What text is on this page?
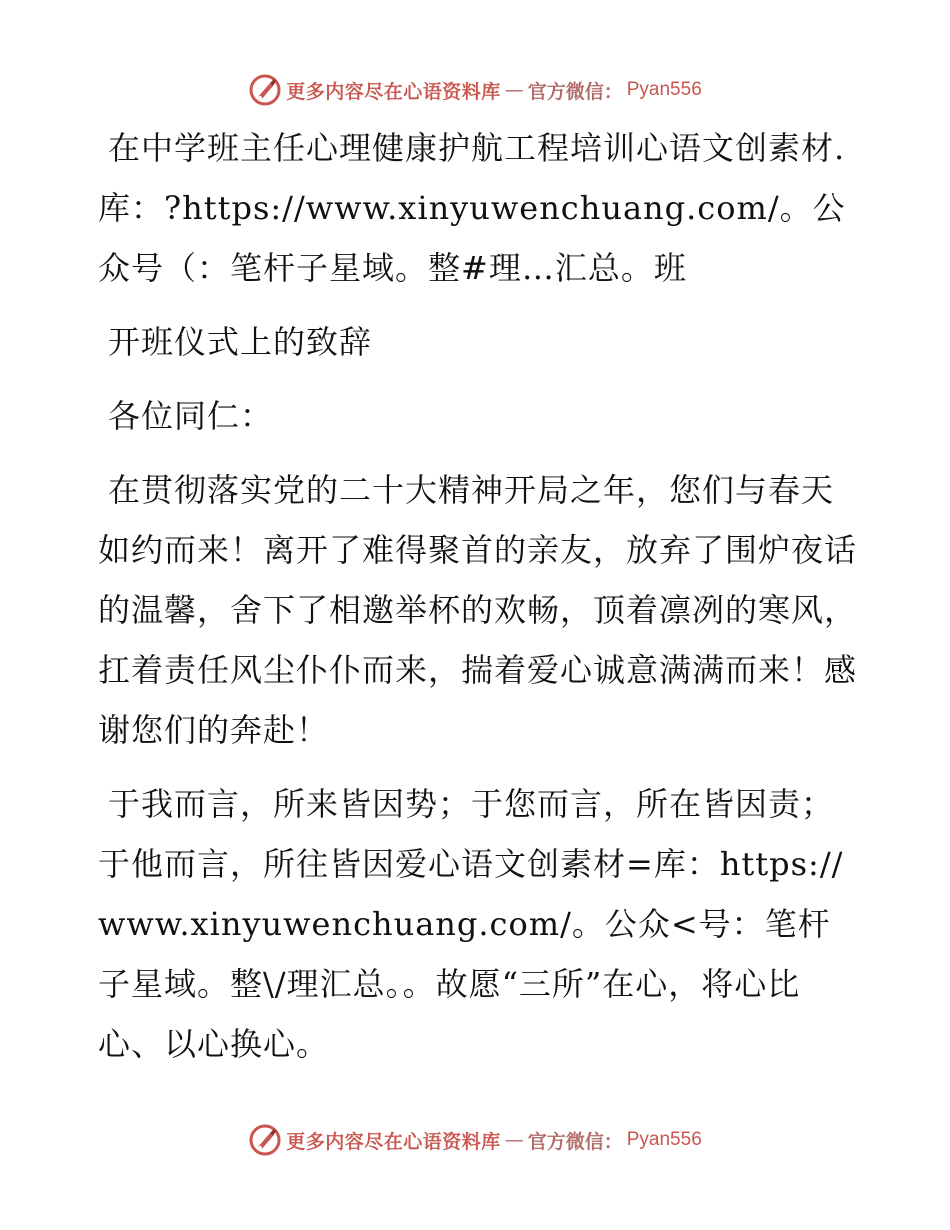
更多内容尽在心语资料库 — 官方微信： Pyan556

在中学班主任心理健康护航工程培训心语文创素材.库：?https://www.xinyuwenchuang.com/。公众号（：笔杆子星域。整#理…汇总。班

开班仪式上的致辞

各位同仁：

在贯彻落实党的二十大精神开局之年，您们与春天如约而来！离开了难得聚首的亲友，放弃了围炉夜话的温馨，舍下了相邀举杯的欢畅，顶着凛冽的寒风，扛着责任风尘仆仆而来，揣着爱心诚意满满而来！感谢您们的奔赴！

于我而言，所来皆因势；于您而言，所在皆因责；于他而言，所往皆因爱心语文创素材=库：https://www.xinyuwenchuang.com/。公众<号：笔杆子星域。整\/理汇总。。故愿“三所”在心，将心比心、以心换心。

更多内容尽在心语资料库 — 官方微信： Pyan556
